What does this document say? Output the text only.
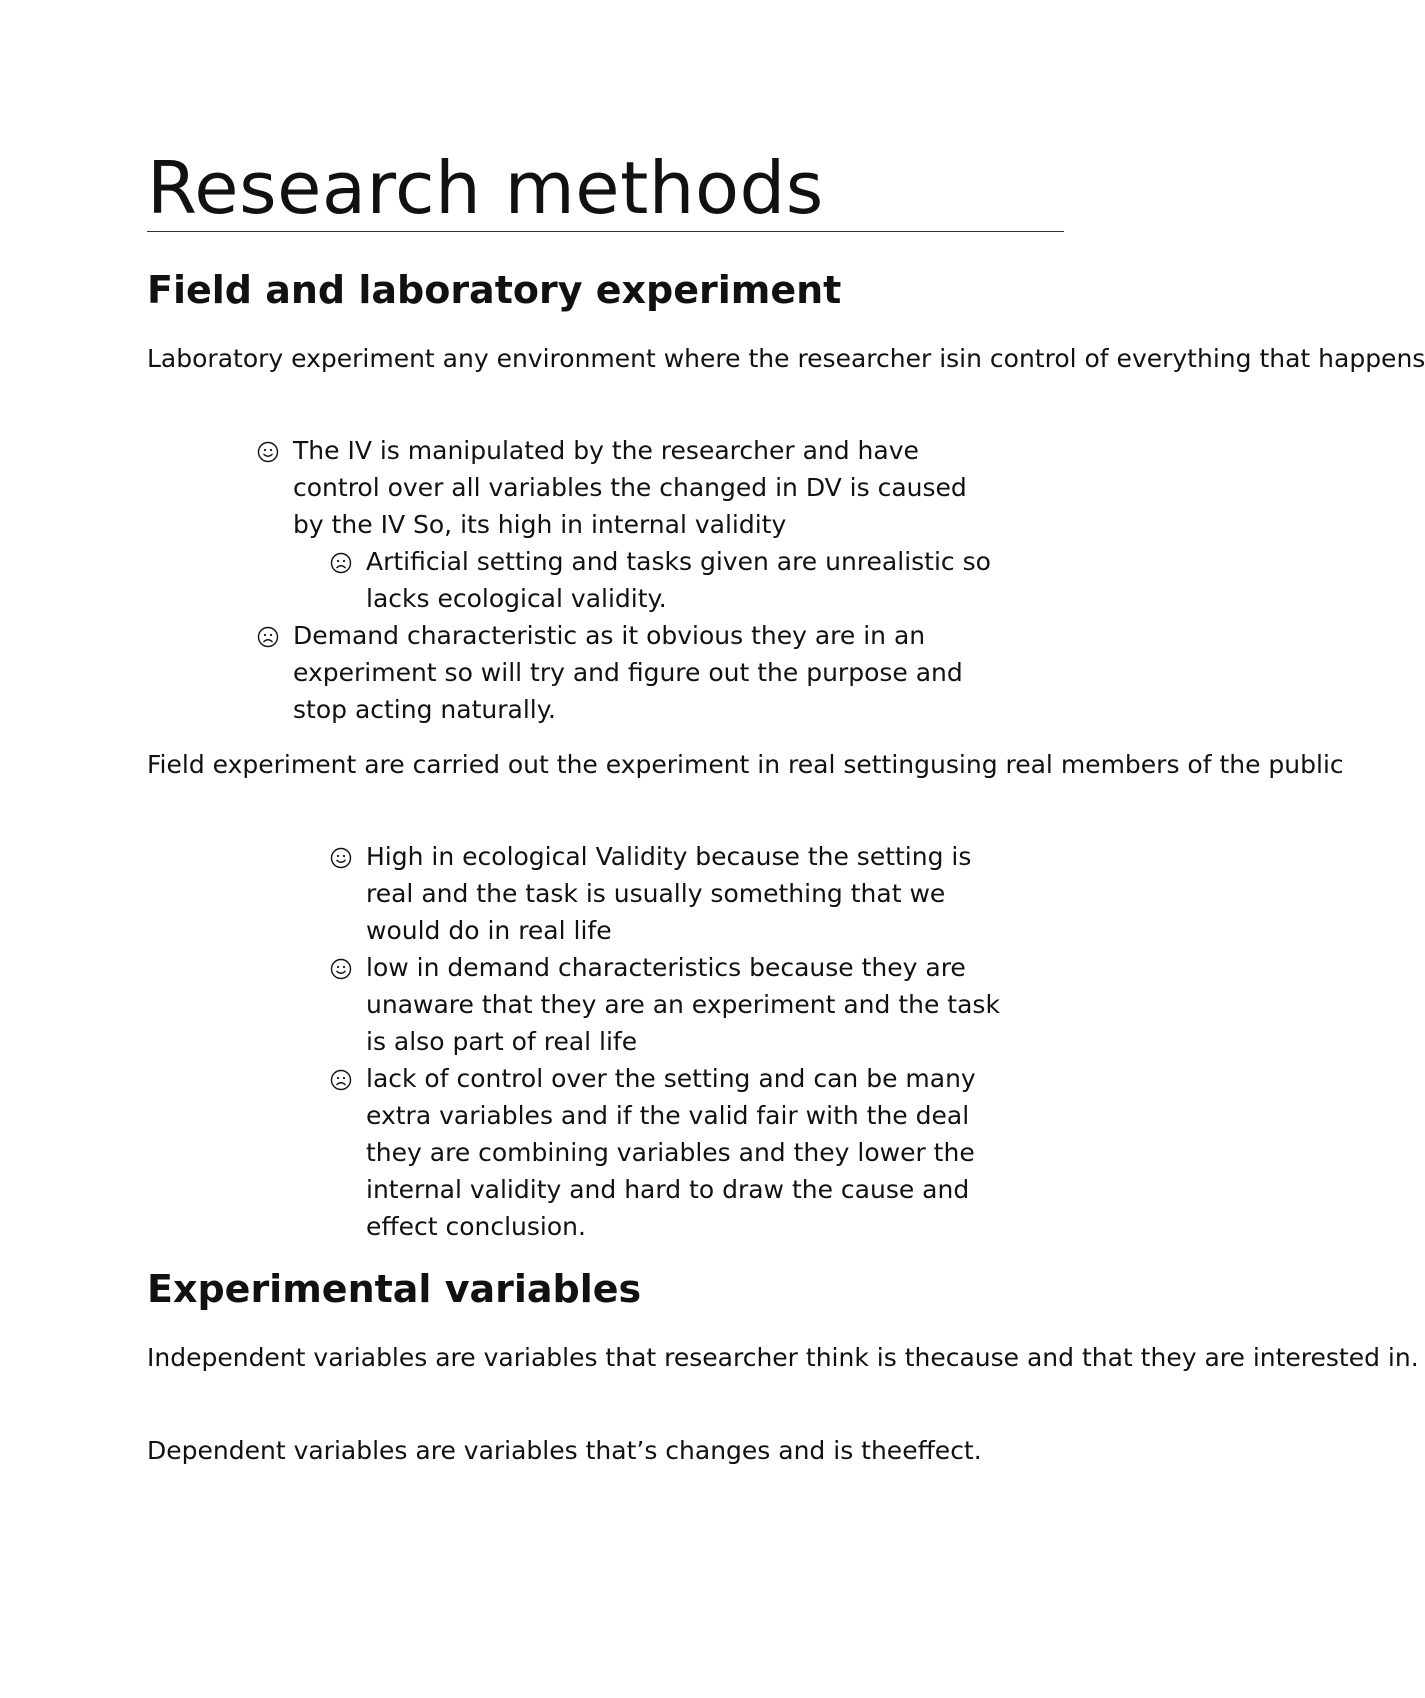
Research methods
Field and laboratory experiment

Laboratory experiment any environment where the researcher isin control of everything that happens

The IV is manipulated by the researcher and have
control over all variables the changed in DV is caused
by the IV So, its high in internal validity
Artificial setting and tasks given are unrealistic so
lacks ecological validity.
Demand characteristic as it obvious they are in an
experiment so will try and figure out the purpose and
stop acting naturally.

Field experiment are carried out the experiment in real settingusing real members of the public

High in ecological Validity because the setting is
real and the task is usually something that we
would do in real life
low in demand characteristics because they are
unaware that they are an experiment and the task
is also part of real life
lack of control over the setting and can be many
extra variables and if the valid fair with the deal
they are combining variables and they lower the
internal validity and hard to draw the cause and
effect conclusion.
Experimental variables

Independent variables are variables that researcher think is thecause and that they are interested in.

Dependent variables are variables that’s changes and is theeffect.
